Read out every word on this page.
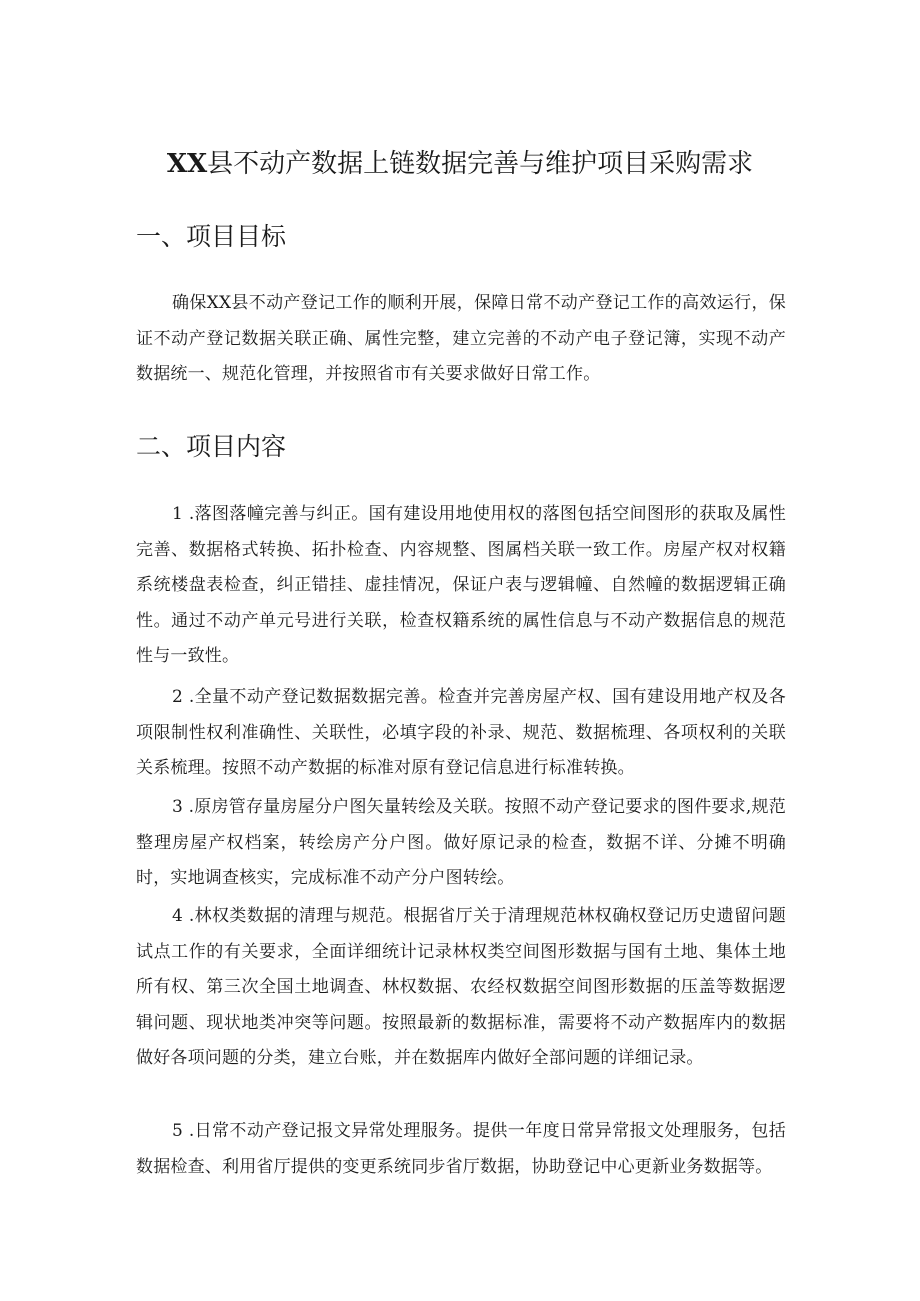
XX县不动产数据上链数据完善与维护项目采购需求
一、项目目标

确保XX县不动产登记工作的顺利开展，保障日常不动产登记工作的高效运行，保证不动产登记数据关联正确、属性完整，建立完善的不动产电子登记簿，实现不动产数据统一、规范化管理，并按照省市有关要求做好日常工作。

二、项目内容

1 .落图落幢完善与纠正。国有建设用地使用权的落图包括空间图形的获取及属性完善、数据格式转换、拓扑检查、内容规整、图属档关联一致工作。房屋产权对权籍系统楼盘表检查，纠正错挂、虚挂情况，保证户表与逻辑幢、自然幢的数据逻辑正确性。通过不动产单元号进行关联，检查权籍系统的属性信息与不动产数据信息的规范性与一致性。

2 .全量不动产登记数据数据完善。检查并完善房屋产权、国有建设用地产权及各项限制性权利准确性、关联性，必填字段的补录、规范、数据梳理、各项权利的关联关系梳理。按照不动产数据的标准对原有登记信息进行标准转换。

3 .原房管存量房屋分户图矢量转绘及关联。按照不动产登记要求的图件要求,规范整理房屋产权档案，转绘房产分户图。做好原记录的检查，数据不详、分摊不明确时，实地调查核实，完成标准不动产分户图转绘。

4 .林权类数据的清理与规范。根据省厅关于清理规范林权确权登记历史遗留问题试点工作的有关要求，全面详细统计记录林权类空间图形数据与国有土地、集体土地所有权、第三次全国土地调查、林权数据、农经权数据空间图形数据的压盖等数据逻辑问题、现状地类冲突等问题。按照最新的数据标准，需要将不动产数据库内的数据做好各项问题的分类，建立台账，并在数据库内做好全部问题的详细记录。

5 .日常不动产登记报文异常处理服务。提供一年度日常异常报文处理服务，包括数据检查、利用省厅提供的变更系统同步省厅数据，协助登记中心更新业务数据等。
